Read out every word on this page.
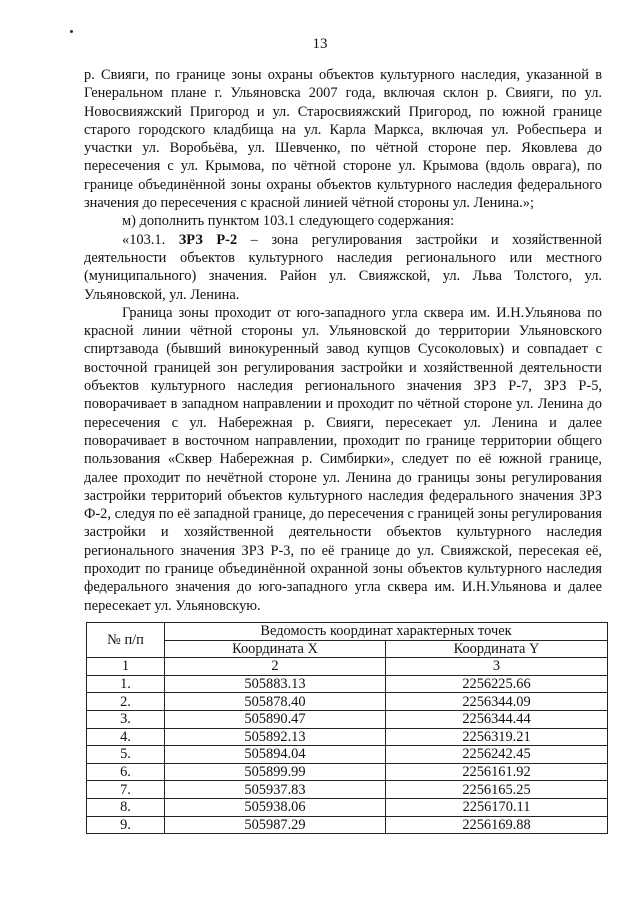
13

р. Свияги, по границе зоны охраны объектов культурного наследия, указанной в Генеральном плане г. Ульяновска 2007 года, включая склон р. Свияги, по ул. Новосвияжский Пригород и ул. Старосвияжский Пригород, по южной границе старого городского кладбища на ул. Карла Маркса, включая ул. Робеспьера и участки ул. Воробьёва, ул. Шевченко, по чётной стороне пер. Яковлева до пересечения с ул. Крымова, по чётной стороне ул. Крымова (вдоль оврага), по границе объединённой зоны охраны объектов культурного наследия федерального значения до пересечения с красной линией чётной стороны ул. Ленина.»;

м) дополнить пунктом 103.1 следующего содержания:

«103.1. ЗРЗ Р-2 – зона регулирования застройки и хозяйственной деятельности объектов культурного наследия регионального или местного (муниципального) значения. Район ул. Свияжской, ул. Льва Толстого, ул. Ульяновской, ул. Ленина.

Граница зоны проходит от юго-западного угла сквера им. И.Н.Ульянова по красной линии чётной стороны ул. Ульяновской до территории Ульяновского спиртзавода (бывший винокуренный завод купцов Сусоколовых) и совпадает с восточной границей зон регулирования застройки и хозяйственной деятельности объектов культурного наследия регионального значения ЗРЗ Р-7, ЗРЗ Р-5, поворачивает в западном направлении и проходит по чётной стороне ул. Ленина до пересечения с ул. Набережная р. Свияги, пересекает ул. Ленина и далее поворачивает в восточном направлении, проходит по границе территории общего пользования «Сквер Набережная р. Симбирки», следует по её южной границе, далее проходит по нечётной стороне ул. Ленина до границы зоны регулирования застройки территорий объектов культурного наследия федерального значения ЗРЗ Ф-2, следуя по её западной границе, до пересечения с границей зоны регулирования застройки и хозяйственной деятельности объектов культурного наследия регионального значения ЗРЗ Р-3, по её границе до ул. Свияжской, пересекая её, проходит по границе объединённой охранной зоны объектов культурного наследия федерального значения до юго-западного угла сквера им. И.Н.Ульянова и далее пересекает ул. Ульяновскую.

№ п/п	Ведомость координат характерных точек	
	Координата X	Координата Y
1	2	3
1.	505883.13	2256225.66
2.	505878.40	2256344.09
3.	505890.47	2256344.44
4.	505892.13	2256319.21
5.	505894.04	2256242.45
6.	505899.99	2256161.92
7.	505937.83	2256165.25
8.	505938.06	2256170.11
9.	505987.29	2256169.88
